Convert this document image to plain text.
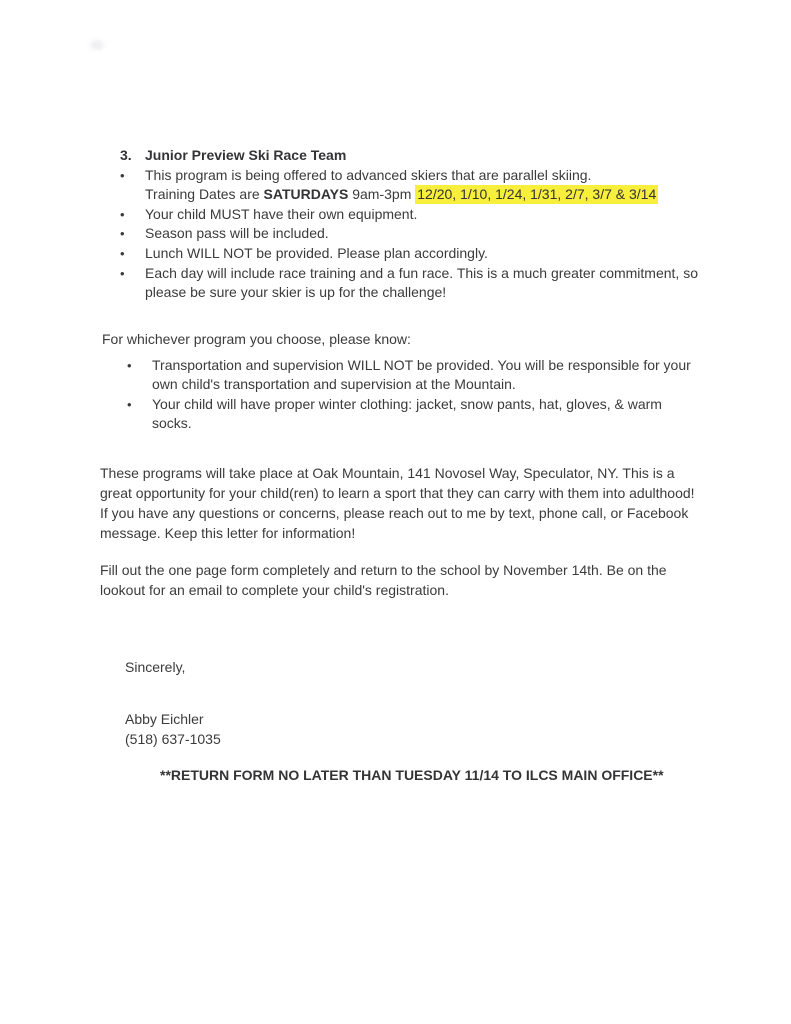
3. Junior Preview Ski Race Team
•	This program is being offered to advanced skiers that are parallel skiing.
Training Dates are SATURDAYS 9am-3pm 12/20, 1/10, 1/24, 1/31, 2/7, 3/7 & 3/14
•	Your child MUST have their own equipment.
•	Season pass will be included.
•	Lunch WILL NOT be provided. Please plan accordingly.
•	Each day will include race training and a fun race. This is a much greater commitment, so please be sure your skier is up for the challenge!
For whichever program you choose, please know:
•	Transportation and supervision WILL NOT be provided. You will be responsible for your own child's transportation and supervision at the Mountain.
•	Your child will have proper winter clothing: jacket, snow pants, hat, gloves, & warm socks.
These programs will take place at Oak Mountain, 141 Novosel Way, Speculator, NY. This is a great opportunity for your child(ren) to learn a sport that they can carry with them into adulthood! If you have any questions or concerns, please reach out to me by text, phone call, or Facebook message. Keep this letter for information!
Fill out the one page form completely and return to the school by November 14th. Be on the lookout for an email to complete your child's registration.
Sincerely,
Abby Eichler
(518) 637-1035
**RETURN FORM NO LATER THAN TUESDAY 11/14 TO ILCS MAIN OFFICE**
